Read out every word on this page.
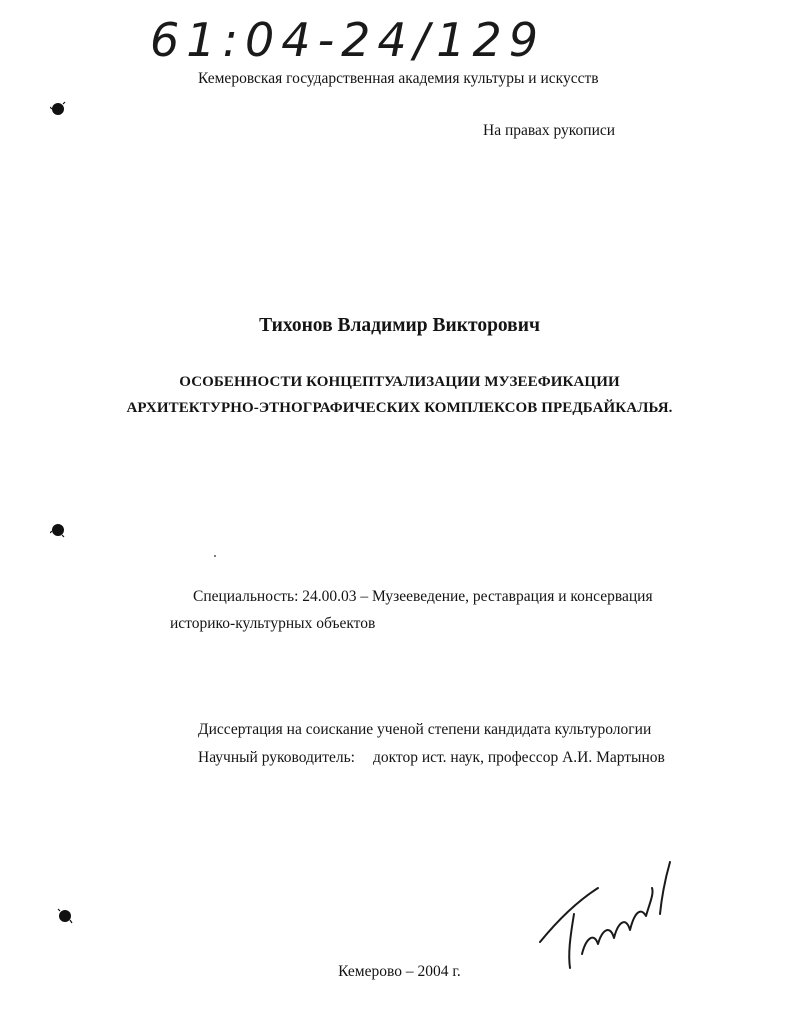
61:04-24/129
Кемеровская государственная академия культуры и искусств
На правах рукописи
Тихонов Владимир Викторович
ОСОБЕННОСТИ КОНЦЕПТУАЛИЗАЦИИ МУЗЕЕФИКАЦИИ
АРХИТЕКТУРНО-ЭТНОГРАФИЧЕСКИХ КОМПЛЕКСОВ ПРЕДБАЙКАЛЬЯ.
Специальность: 24.00.03 – Музееведение, реставрация и консервация
историко-культурных объектов
Диссертация на соискание ученой степени кандидата культурологии
Научный руководитель: доктор ист. наук, профессор А.И. Мартынов
Кемерово – 2004 г.
